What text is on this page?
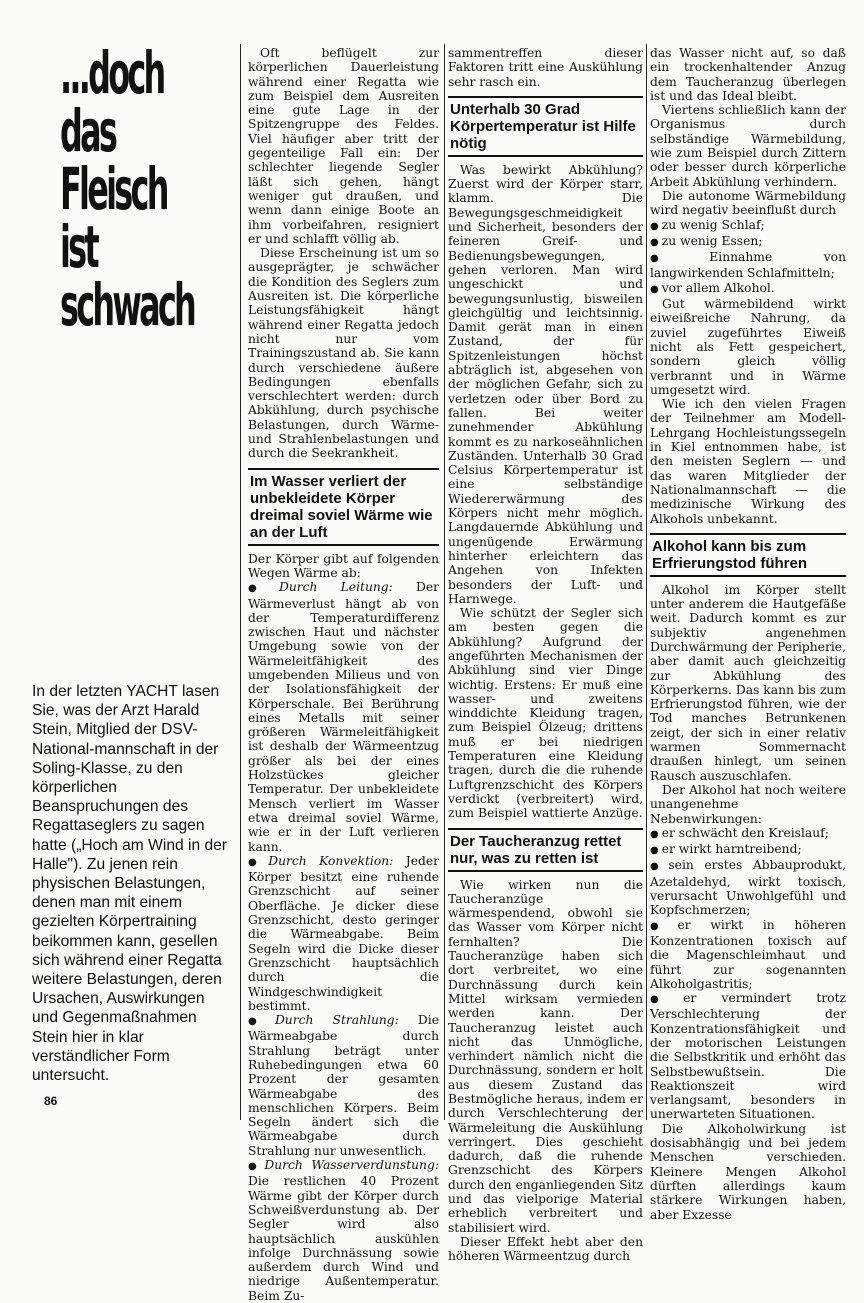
...doch
das
Fleisch
ist
schwach
In der letzten YACHT lasen Sie, was der Arzt Harald Stein, Mitglied der DSV-National-mannschaft in der Soling-Klasse, zu den körperlichen Beanspruchungen des Regattaseglers zu sagen hatte („Hoch am Wind in der Halle"). Zu jenen rein physischen Belastungen, denen man mit einem gezielten Körpertraining beikommen kann, gesellen sich während einer Regatta weitere Belastungen, deren Ursachen, Auswirkungen und Gegenmaßnahmen Stein hier in klar verständlicher Form untersucht.
86

Oft beflügelt zur körperlichen Dauerleistung während einer Regatta wie zum Beispiel dem Ausreiten eine gute Lage in der Spitzengruppe des Feldes. Viel häufiger aber tritt der gegenteilige Fall ein: Der schlechter liegende Segler läßt sich gehen, hängt weniger gut draußen, und wenn dann einige Boote an ihm vorbeifahren, resigniert er und schlafft völlig ab.

Diese Erscheinung ist um so ausgeprägter, je schwächer die Kondition des Seglers zum Ausreiten ist. Die körperliche Leistungsfähigkeit hängt während einer Regatta jedoch nicht nur vom Trainingszustand ab. Sie kann durch verschiedene äußere Bedingungen ebenfalls verschlechtert werden: durch Abkühlung, durch psychische Belastungen, durch Wärme- und Strahlenbelastungen und durch die Seekrankheit.

Im Wasser verliert der unbekleidete Körper dreimal soviel Wärme wie an der Luft

Der Körper gibt auf folgenden Wegen Wärme ab:

● Durch Leitung: Der Wärmeverlust hängt ab von der Temperaturdifferenz zwischen Haut und nächster Umgebung sowie von der Wärmeleitfähigkeit des umgebenden Milieus und von der Isolationsfähigkeit der Körperschale. Bei Berührung eines Metalls mit seiner größeren Wärmeleitfähigkeit ist deshalb der Wärmeentzug größer als bei der eines Holzstückes gleicher Temperatur. Der unbekleidete Mensch verliert im Wasser etwa dreimal soviel Wärme, wie er in der Luft verlieren kann.

● Durch Konvektion: Jeder Körper besitzt eine ruhende Grenzschicht auf seiner Oberfläche. Je dicker diese Grenzschicht, desto geringer die Wärmeabgabe. Beim Segeln wird die Dicke dieser Grenzschicht hauptsächlich durch die Windgeschwindigkeit bestimmt.

● Durch Strahlung: Die Wärmeabgabe durch Strahlung beträgt unter Ruhebedingungen etwa 60 Prozent der gesamten Wärmeabgabe des menschlichen Körpers. Beim Segeln ändert sich die Wärmeabgabe durch Strahlung nur unwesentlich.

● Durch Wasserverdunstung: Die restlichen 40 Prozent Wärme gibt der Körper durch Schweißverdunstung ab. Der Segler wird also hauptsächlich auskühlen infolge Durchnässung sowie außerdem durch Wind und niedrige Außentemperatur. Beim Zu-

sammentreffen dieser Faktoren tritt eine Auskühlung sehr rasch ein.

Unterhalb 30 Grad Körpertemperatur ist Hilfe nötig

Was bewirkt Abkühlung? Zuerst wird der Körper starr, klamm. Die Bewegungsgeschmeidigkeit und Sicherheit, besonders der feineren Greif- und Bedienungsbewegungen, gehen verloren. Man wird ungeschickt und bewegungsunlustig, bisweilen gleichgültig und leichtsinnig. Damit gerät man in einen Zustand, der für Spitzenleistungen höchst abträglich ist, abgesehen von der möglichen Gefahr, sich zu verletzen oder über Bord zu fallen. Bei weiter zunehmender Abkühlung kommt es zu narkoseähnlichen Zuständen. Unterhalb 30 Grad Celsius Körpertemperatur ist eine selbständige Wiedererwärmung des Körpers nicht mehr möglich. Langdauernde Abkühlung und ungenügende Erwärmung hinterher erleichtern das Angehen von Infekten besonders der Luft- und Harnwege.

Wie schützt der Segler sich am besten gegen die Abkühlung? Aufgrund der angeführten Mechanismen der Abkühlung sind vier Dinge wichtig. Erstens: Er muß eine wasser- und zweitens winddichte Kleidung tragen, zum Beispiel Ölzeug; drittens muß er bei niedrigen Temperaturen eine Kleidung tragen, durch die die ruhende Luftgrenzschicht des Körpers verdickt (verbreitert) wird, zum Beispiel wattierte Anzüge.

Der Taucheranzug rettet nur, was zu retten ist

Wie wirken nun die Taucheranzüge wärmespendend, obwohl sie das Wasser vom Körper nicht fernhalten? Die Taucheranzüge haben sich dort verbreitet, wo eine Durchnässung durch kein Mittel wirksam vermieden werden kann. Der Taucheranzug leistet auch nicht das Unmögliche, verhindert nämlich nicht die Durchnässung, sondern er holt aus diesem Zustand das Bestmögliche heraus, indem er durch Verschlechterung der Wärmeleitung die Auskühlung verringert. Dies geschieht dadurch, daß die ruhende Grenzschicht des Körpers durch den enganliegenden Sitz und das vielporige Material erheblich verbreitert und stabilisiert wird.

Dieser Effekt hebt aber den höheren Wärmeentzug durch

das Wasser nicht auf, so daß ein trockenhaltender Anzug dem Taucheranzug überlegen ist und das Ideal bleibt.

Viertens schließlich kann der Organismus durch selbständige Wärmebildung, wie zum Beispiel durch Zittern oder besser durch körperliche Arbeit Abkühlung verhindern.

Die autonome Wärmebildung wird negativ beeinflußt durch

● zu wenig Schlaf;

● zu wenig Essen;

● Einnahme von langwirkenden Schlafmitteln;

● vor allem Alkohol.

Gut wärmebildend wirkt eiweißreiche Nahrung, da zuviel zugeführtes Eiweiß nicht als Fett gespeichert, sondern gleich völlig verbrannt und in Wärme umgesetzt wird.

Wie ich den vielen Fragen der Teilnehmer am Modell-Lehrgang Hochleistungssegeln in Kiel entnommen habe, ist den meisten Seglern — und das waren Mitglieder der Nationalmannschaft — die medizinische Wirkung des Alkohols unbekannt.

Alkohol kann bis zum Erfrierungstod führen

Alkohol im Körper stellt unter anderem die Hautgefäße weit. Dadurch kommt es zur subjektiv angenehmen Durchwärmung der Peripherie, aber damit auch gleichzeitig zur Abkühlung des Körperkerns. Das kann bis zum Erfrierungstod führen, wie der Tod manches Betrunkenen zeigt, der sich in einer relativ warmen Sommernacht draußen hinlegt, um seinen Rausch auszuschlafen.

Der Alkohol hat noch weitere unangenehme Nebenwirkungen:

● er schwächt den Kreislauf;

● er wirkt harntreibend;

● sein erstes Abbauprodukt, Azetaldehyd, wirkt toxisch, verursacht Unwohlgefühl und Kopfschmerzen;

● er wirkt in höheren Konzentrationen toxisch auf die Magenschleimhaut und führt zur sogenannten Alkoholgastritis;

● er vermindert trotz Verschlechterung der Konzentrationsfähigkeit und der motorischen Leistungen die Selbstkritik und erhöht das Selbstbewußtsein. Die Reaktionszeit wird verlangsamt, besonders in unerwarteten Situationen.

Die Alkoholwirkung ist dosisabhängig und bei jedem Menschen verschieden. Kleinere Mengen Alkohol dürften allerdings kaum stärkere Wirkungen haben, aber Exzesse
